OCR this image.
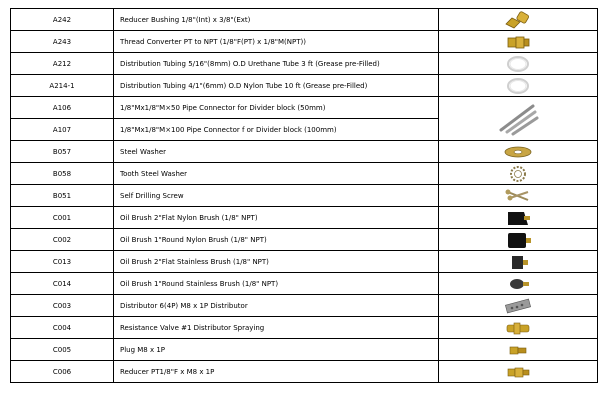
A242	Reducer Bushing 1/8"(Int) x 3/8"(Ext)	

A243	Thread Converter PT to NPT (1/8"F(PT) x 1/8"M(NPT))	

A212	Distribution Tubing 5/16"(8mm) O.D Urethane Tube 3 ft (Grease pre-Filled)	

A214-1	Distribution Tubing 4/1"(6mm) O.D Nylon Tube 10 ft (Grease pre-Filled)	

A106	1/8"Mx1/8"M×50 Pipe Connector for Divider block (50mm)	

A107	1/8"Mx1/8"M×100 Pipe Connector f or Divider block (100mm)	
B057	Steel Washer	

B058	Tooth Steel Washer	

B051	Self Drilling Screw	

C001	Oil Brush 2"Flat Nylon Brush (1/8" NPT)	

C002	Oil Brush 1"Round Nylon Brush (1/8" NPT)	

C013	Oil Brush 2"Flat Stainless Brush (1/8" NPT)	

C014	Oil Brush 1"Round Stainless Brush (1/8" NPT)	

C003	Distributor 6(4P) M8 x 1P Distributor	

C004	Resistance Valve #1 Distributor Spraying	

C005	Plug M8 x 1P	

C006	Reducer PT1/8"F x M8 x 1P	
